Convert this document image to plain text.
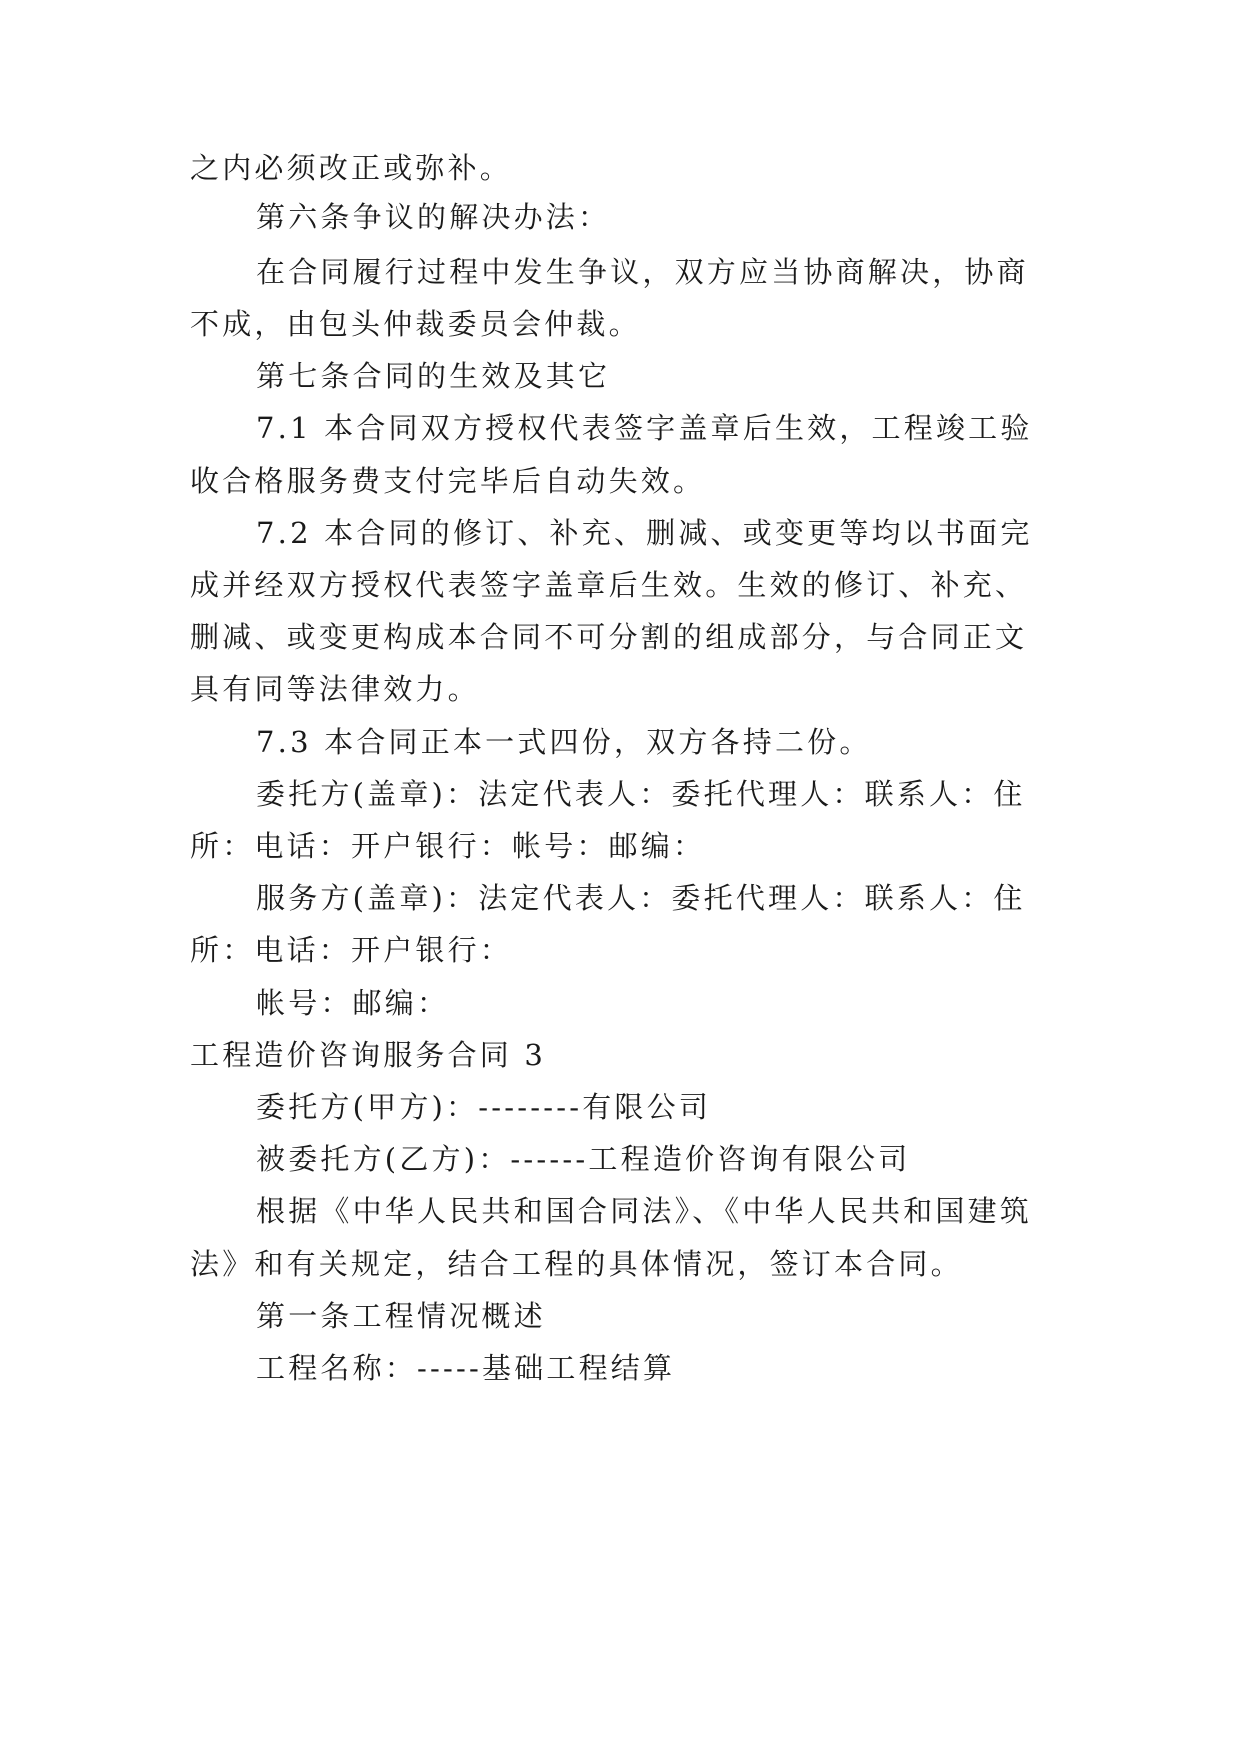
之内必须改正或弥补。
第六条争议的解决办法：
在合同履行过程中发生争议，双方应当协商解决，协商
不成，由包头仲裁委员会仲裁。
第七条合同的生效及其它
7.1 本合同双方授权代表签字盖章后生效，工程竣工验
收合格服务费支付完毕后自动失效。
7.2 本合同的修订、补充、删减、或变更等均以书面完
成并经双方授权代表签字盖章后生效。生效的修订、补充、
删减、或变更构成本合同不可分割的组成部分，与合同正文
具有同等法律效力。
7.3 本合同正本一式四份，双方各持二份。
委托方(盖章)：法定代表人：委托代理人：联系人：住
所：电话：开户银行：帐号：邮编：
服务方(盖章)：法定代表人：委托代理人：联系人：住
所：电话：开户银行：
帐号：邮编：
工程造价咨询服务合同 3
委托方(甲方)：--------有限公司
被委托方(乙方)：------工程造价咨询有限公司
根据《中华人民共和国合同法》、《中华人民共和国建筑
法》和有关规定，结合工程的具体情况，签订本合同。
第一条工程情况概述
工程名称：-----基础工程结算
